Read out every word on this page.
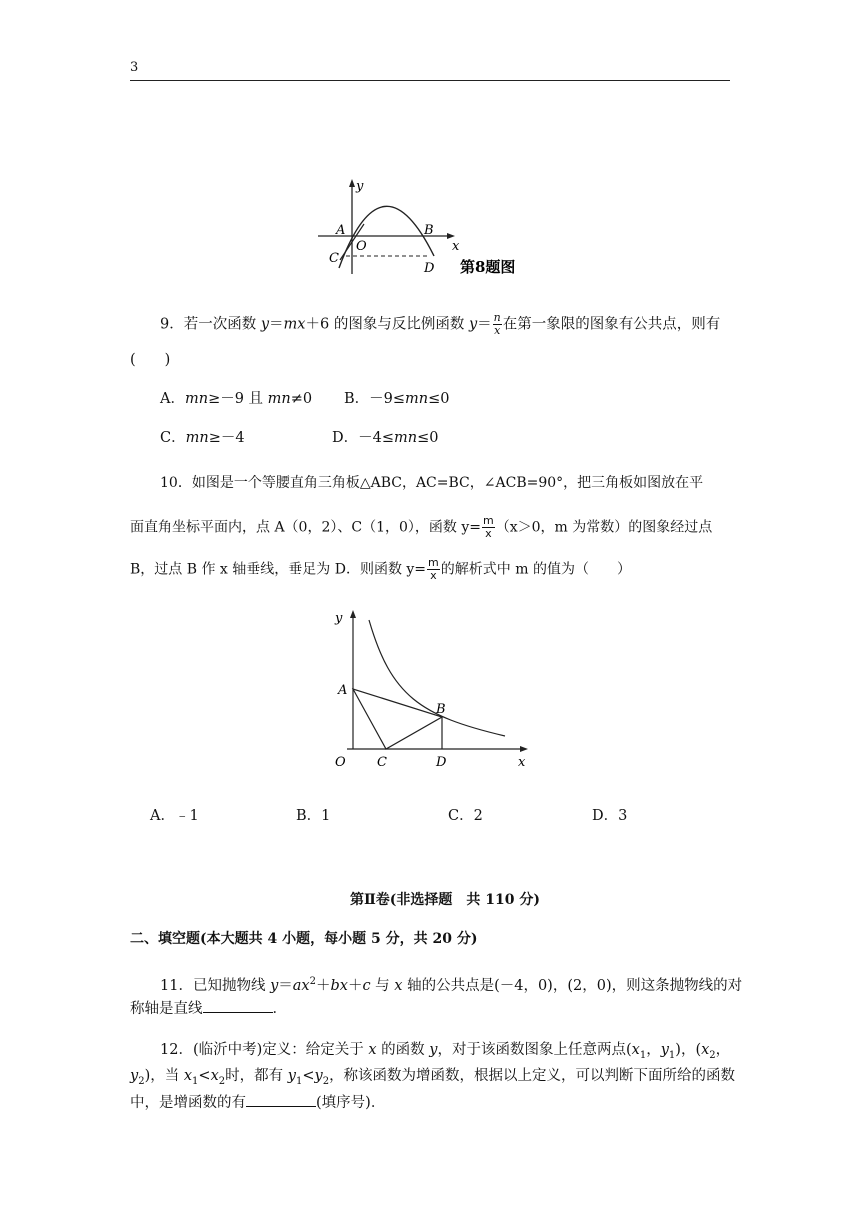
3
y
x
A	B
C
D
O
第8题图
9．若一次函数 y＝mx＋6 的图象与反比例函数 $y= \frac{n}{x}$ 在第一象限的图象有公共点，则有
(　　)
A．mn≥－9 且 mn≠0 B．－9≤mn≤0
C．mn≥－4	D．－4≤mn≤0
10．如图是一个等腰直角三角板△ABC，AC=BC，∠ACB=90°，把三角板如图放在平
面直角坐标平面内，点 A（0，2）、C（1，0），函数 $y= \frac{m}{x} (x>0$，m 为常数）的图象经过点
B，过点 B 作 x 轴垂线，垂足为 D．则函数 $y= \frac{m}{x}$ 的解析式中 m 的值为（　　）
y
x
A
B
C	D
O
A．﹣1	B．1	C．2	D．3
第Ⅱ卷(非选择题　共 110 分)
二、填空题(本大题共 4 小题，每小题 5 分，共 20 分)
11．已知抛物线 $y=ax^2+bx+c$ 与 x 轴的公共点是(－4，0)，(2，0)，则这条抛物线的对
称轴是直线	．
12．(临沂中考)定义：给定关于 x 的函数 y，对于该函数图象上任意两点($x_1$，$y_1$)，($x_2$，
$y_2$)，当 $x_1<x_2$时，都有 $y_1<y_2$，称该函数为增函数，根据以上定义，可以判断下面所给的函数
中，是增函数的有	(填序号)．
